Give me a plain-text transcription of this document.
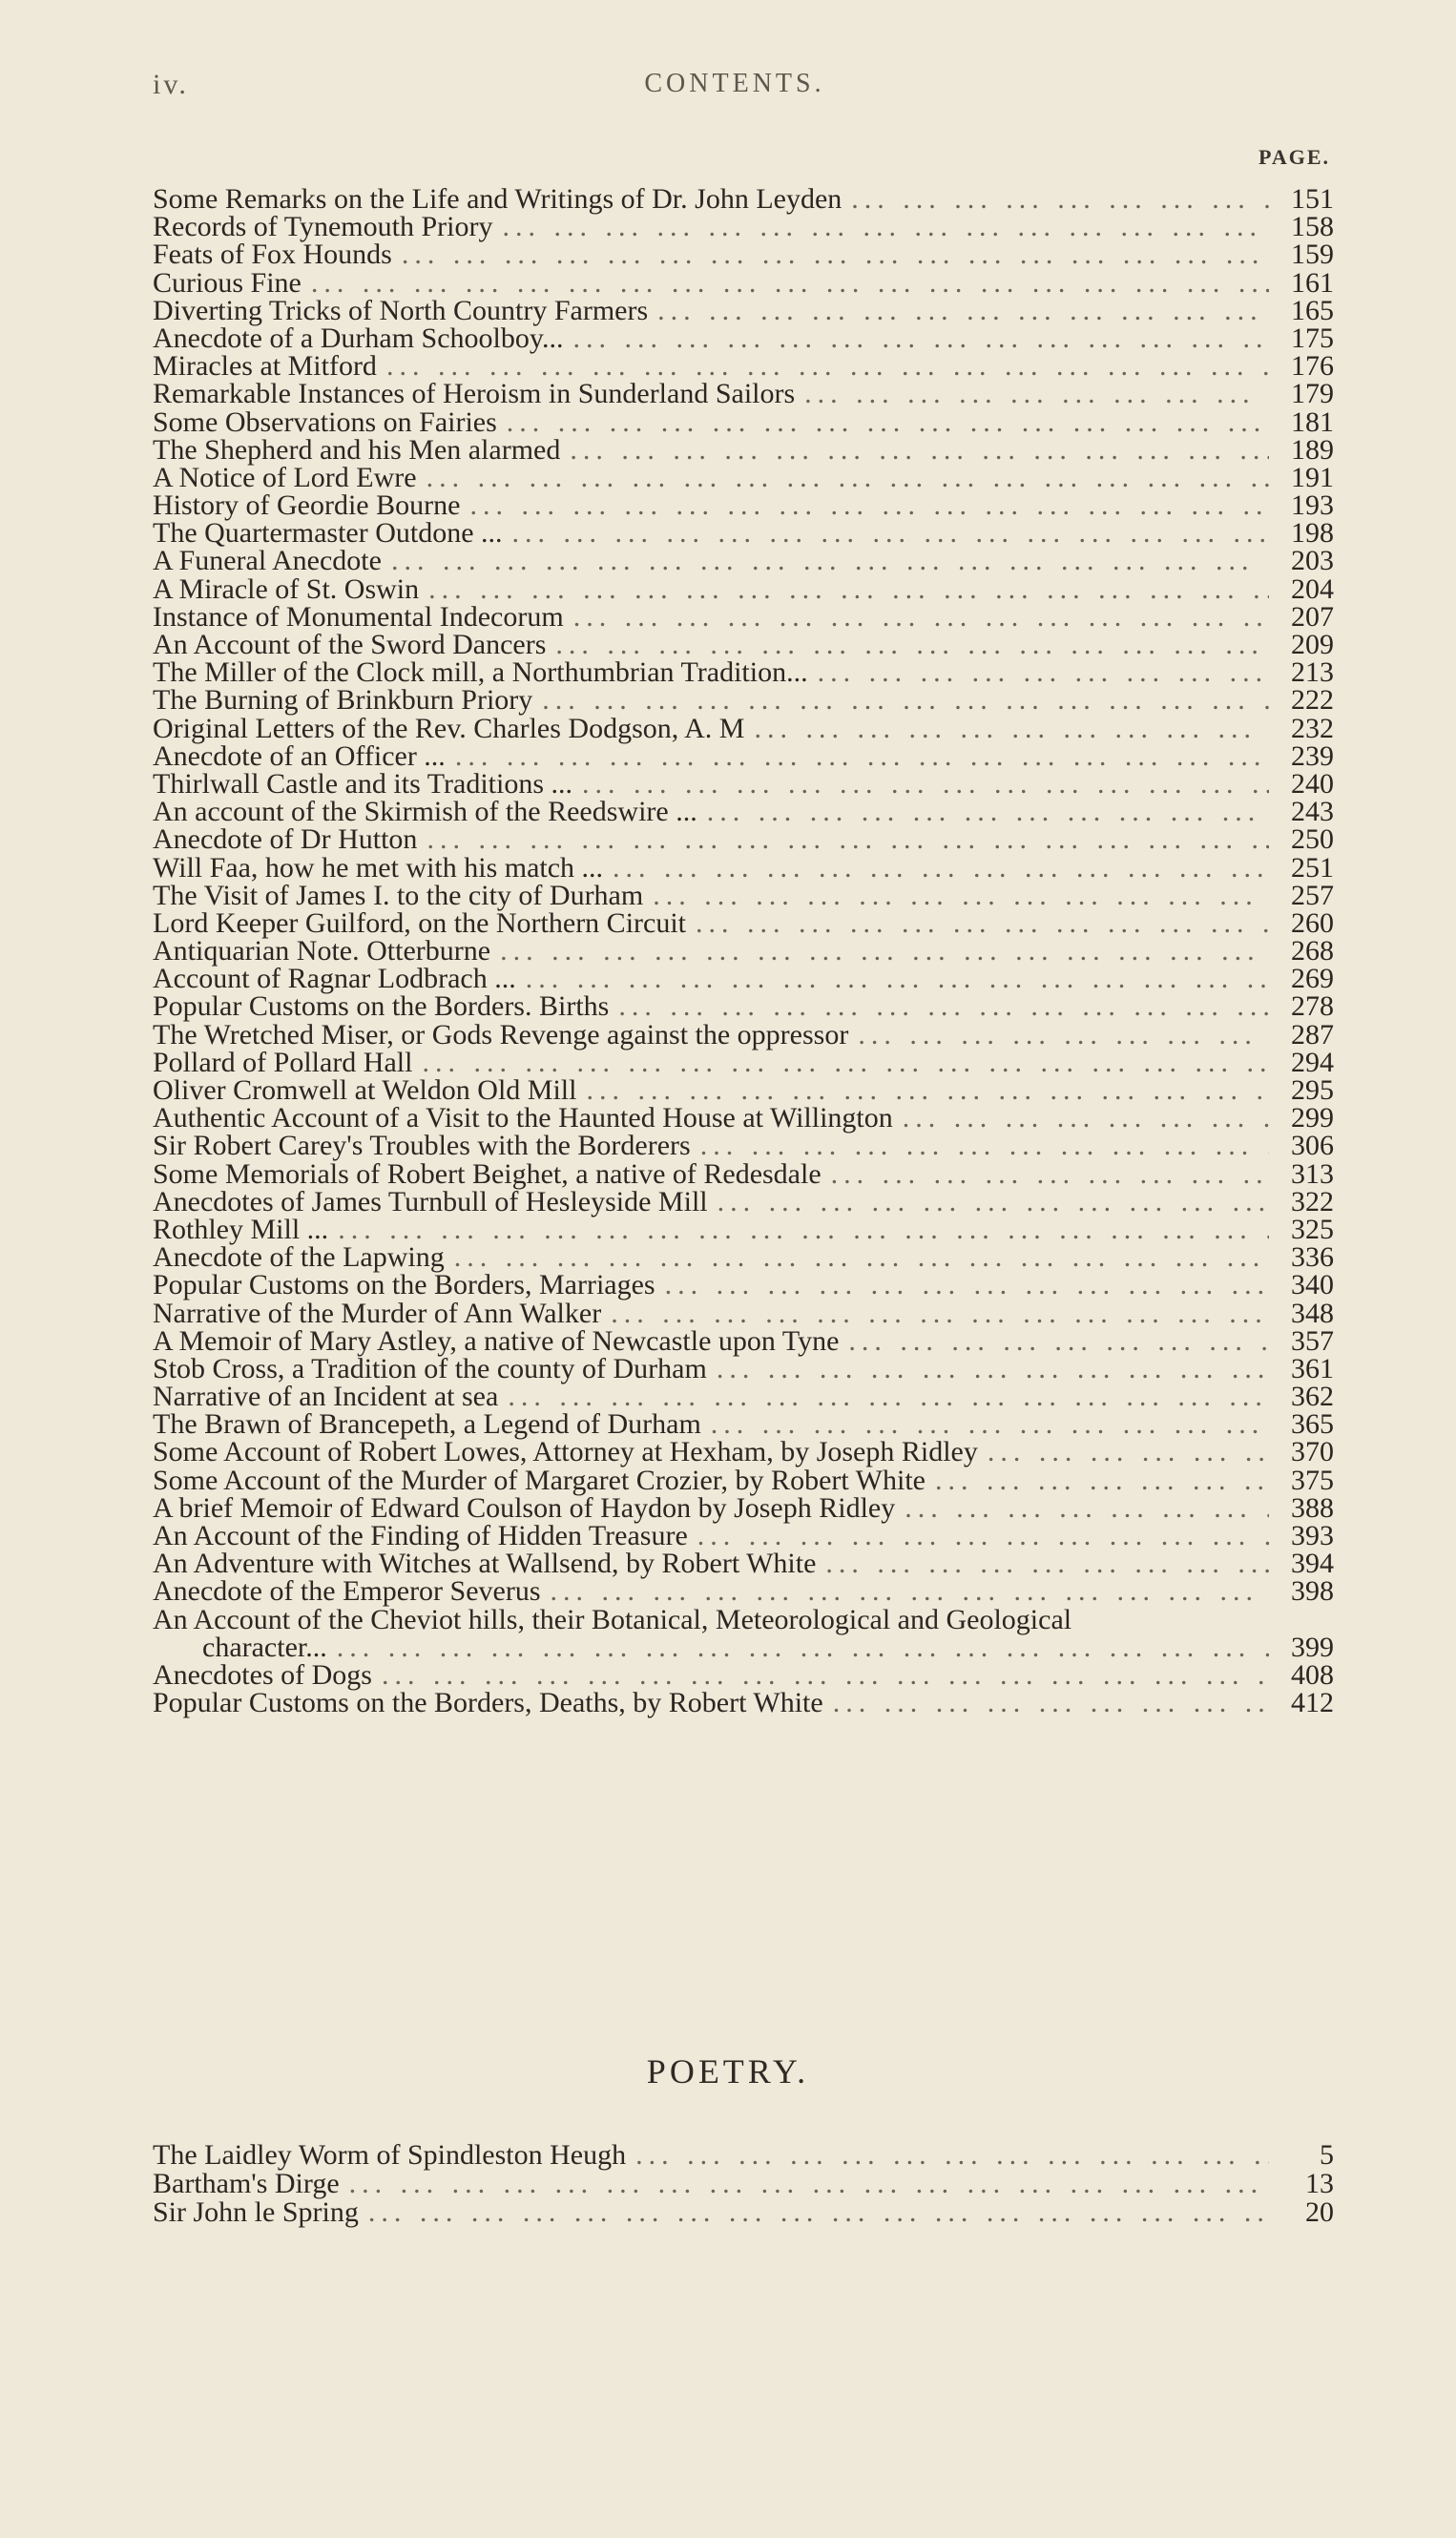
iv.	CONTENTS.
PAGE.
Some Remarks on the Life and Writings of Dr. John Leyden ... .	151
Records of Tynemouth Priory ... .	158
Feats of Fox Hounds ... .	159
Curious Fine ... .	161
Diverting Tricks of North Country Farmers ... .	165
Anecdote of a Durham Schoolboy... ... .	175
Miracles at Mitford ... .	176
Remarkable Instances of Heroism in Sunderland Sailors ... .	179
Some Observations on Fairies ... .	181
The Shepherd and his Men alarmed ... .	189
A Notice of Lord Ewre ... .	191
History of Geordie Bourne ... .	193
The Quartermaster Outdone ... ... .	198
A Funeral Anecdote ... .	203
A Miracle of St. Oswin ... .	204
Instance of Monumental Indecorum ... .	207
An Account of the Sword Dancers ... .	209
The Miller of the Clock mill, a Northumbrian Tradition... ... .	213
The Burning of Brinkburn Priory ... .	222
Original Letters of the Rev. Charles Dodgson, A. M ... .	232
Anecdote of an Officer ... ... .	239
Thirlwall Castle and its Traditions ... ... .	240
An account of the Skirmish of the Reedswire ... ... .	243
Anecdote of Dr Hutton ... .	250
Will Faa, how he met with his match ... ... .	251
The Visit of James I. to the city of Durham ... .	257
Lord Keeper Guilford, on the Northern Circuit ... .	260
Antiquarian Note. Otterburne ... .	268
Account of Ragnar Lodbrach ... ... .	269
Popular Customs on the Borders. Births ... .	278
The Wretched Miser, or Gods Revenge against the oppressor ... .	287
Pollard of Pollard Hall ... .	294
Oliver Cromwell at Weldon Old Mill ... .	295
Authentic Account of a Visit to the Haunted House at Willington ... .	299
Sir Robert Carey's Troubles with the Borderers ... .	306
Some Memorials of Robert Beighet, a native of Redesdale ... .	313
Anecdotes of James Turnbull of Hesleyside Mill ... .	322
Rothley Mill ... ... .	325
Anecdote of the Lapwing ... .	336
Popular Customs on the Borders, Marriages ... .	340
Narrative of the Murder of Ann Walker ... .	348
A Memoir of Mary Astley, a native of Newcastle upon Tyne ... .	357
Stob Cross, a Tradition of the county of Durham ... .	361
Narrative of an Incident at sea ... .	362
The Brawn of Brancepeth, a Legend of Durham ... .	365
Some Account of Robert Lowes, Attorney at Hexham, by Joseph Ridley ... .	370
Some Account of the Murder of Margaret Crozier, by Robert White ... .	375
A brief Memoir of Edward Coulson of Haydon by Joseph Ridley ... .	388
An Account of the Finding of Hidden Treasure ... .	393
An Adventure with Witches at Wallsend, by Robert White ... .	394
Anecdote of the Emperor Severus ... .	398
An Account of the Cheviot hills, their Botanical, Meteorological and Geological
character... ... .	399
Anecdotes of Dogs ... .	408
Popular Customs on the Borders, Deaths, by Robert White ... .	412
POETRY.
The Laidley Worm of Spindleston Heugh ... .	5
Bartham's Dirge ... .	13
Sir John le Spring ... .	20
